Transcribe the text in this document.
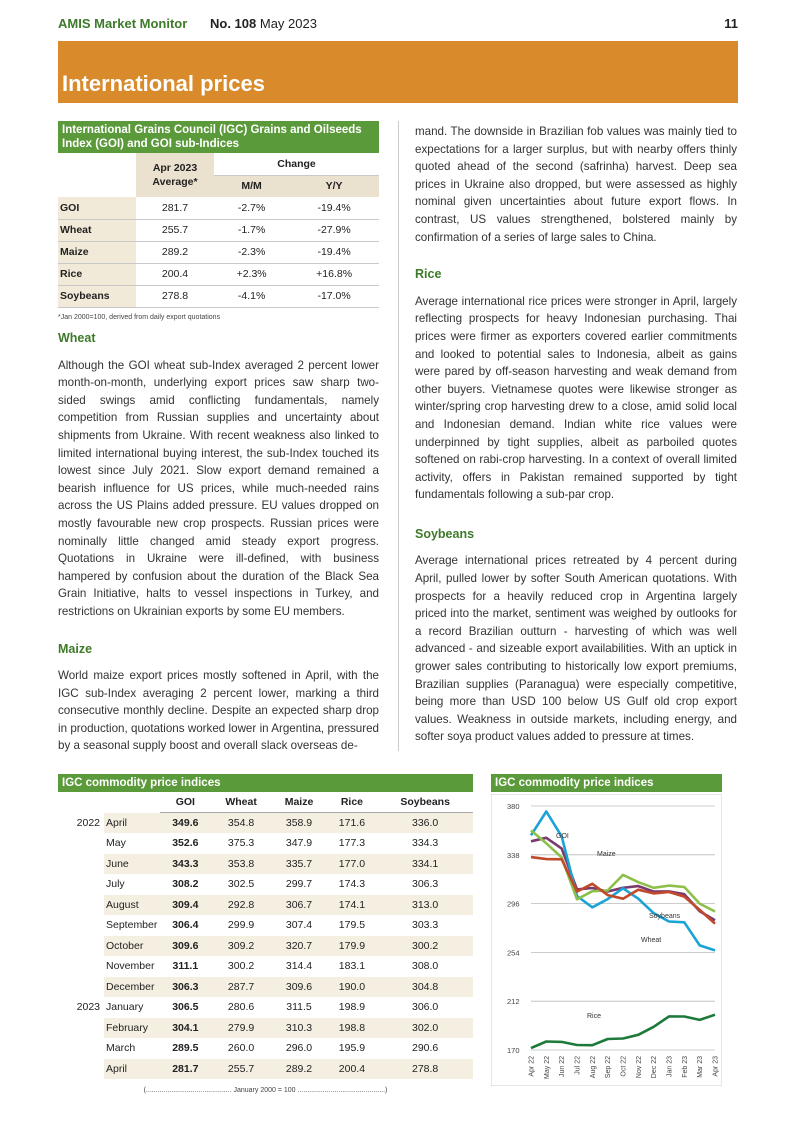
AMIS Market Monitor No. 108 May 2023	11
International prices
International Grains Council (IGC) Grains and Oilseeds Index (GOI) and GOI sub-Indices
	Apr 2023 Average*	Change	
		M/M	Y/Y
GOI	281.7	-2.7%	-19.4%
Wheat	255.7	-1.7%	-27.9%
Maize	289.2	-2.3%	-19.4%
Rice	200.4	+2.3%	+16.8%
Soybeans	278.8	-4.1%	-17.0%
*Jan 2000=100, derived from daily export quotations
Wheat

Although the GOI wheat sub-Index averaged 2 percent lower month-on-month, underlying export prices saw sharp two-sided swings amid conflicting fundamentals, namely competition from Russian supplies and uncertainty about shipments from Ukraine. With recent weakness also linked to limited international buying interest, the sub-Index touched its lowest since July 2021. Slow export demand remained a bearish influence for US prices, while much-needed rains across the US Plains added pressure. EU values dropped on mostly favourable new crop prospects. Russian prices were nominally little changed amid steady export progress. Quotations in Ukraine were ill-defined, with business hampered by confusion about the duration of the Black Sea Grain Initiative, halts to vessel inspections in Turkey, and restrictions on Ukrainian exports by some EU members.

Maize

World maize export prices mostly softened in April, with the IGC sub-Index averaging 2 percent lower, marking a third consecutive monthly decline. Despite an expected sharp drop in production, quotations worked lower in Argentina, pressured by a seasonal supply boost and overall slack overseas de-

mand. The downside in Brazilian fob values was mainly tied to expectations for a larger surplus, but with nearby offers thinly quoted ahead of the second (safrinha) harvest. Deep sea prices in Ukraine also dropped, but were assessed as highly nominal given uncertainties about future export flows. In contrast, US values strengthened, bolstered mainly by confirmation of a series of large sales to China.

Rice

Average international rice prices were stronger in April, largely reflecting prospects for heavy Indonesian purchasing. Thai prices were firmer as exporters covered earlier commitments and looked to potential sales to Indonesia, albeit as gains were pared by off-season harvesting and weak demand from other buyers. Vietnamese quotes were likewise stronger as winter/spring crop harvesting drew to a close, amid solid local and Indonesian demand. Indian white rice values were underpinned by tight supplies, albeit as parboiled quotes softened on rabi-crop harvesting. In a context of overall limited activity, offers in Pakistan remained supported by tight fundamentals following a sub-par crop.

Soybeans

Average international prices retreated by 4 percent during April, pulled lower by softer South American quotations. With prospects for a heavily reduced crop in Argentina largely priced into the market, sentiment was weighed by outlooks for a record Brazilian outturn - harvesting of which was well advanced - and sizeable export availabilities. With an uptick in grower sales contributing to historically low export premiums, Brazilian supplies (Paranagua) were especially competitive, being more than USD 100 below US Gulf old crop export values. Weakness in outside markets, including energy, and softer soya product values added to pressure at times.

IGC commodity price indices
		GOI	Wheat	Maize	Rice	Soybeans
2022	April	349.6	354.8	358.9	171.6	336.0
	May	352.6	375.3	347.9	177.3	334.3
	June	343.3	353.8	335.7	177.0	334.1
	July	308.2	302.5	299.7	174.3	306.3
	August	309.4	292.8	306.7	174.1	313.0
	September	306.4	299.9	307.4	179.5	303.3
	October	309.6	309.2	320.7	179.9	300.2
	November	311.1	300.2	314.4	183.1	308.0
	December	306.3	287.7	309.6	190.0	304.8
2023	January	306.5	280.6	311.5	198.9	306.0
	February	304.1	279.9	310.3	198.8	302.0
	March	289.5	260.0	296.0	195.9	290.6
	April	281.7	255.7	289.2	200.4	278.8
(............................................ January 2000 = 100 .............................................)
IGC commodity price indices
170
212
254
296
338
380
Apr 22 May 22 Jun 22 Jul 22 Aug 22 Sep 22 Oct 22 Nov 22 Dec 22 Jan 23 Feb 23 Mar 23 Apr 23
GOI
Wheat
Maize
Rice
Soybeans
